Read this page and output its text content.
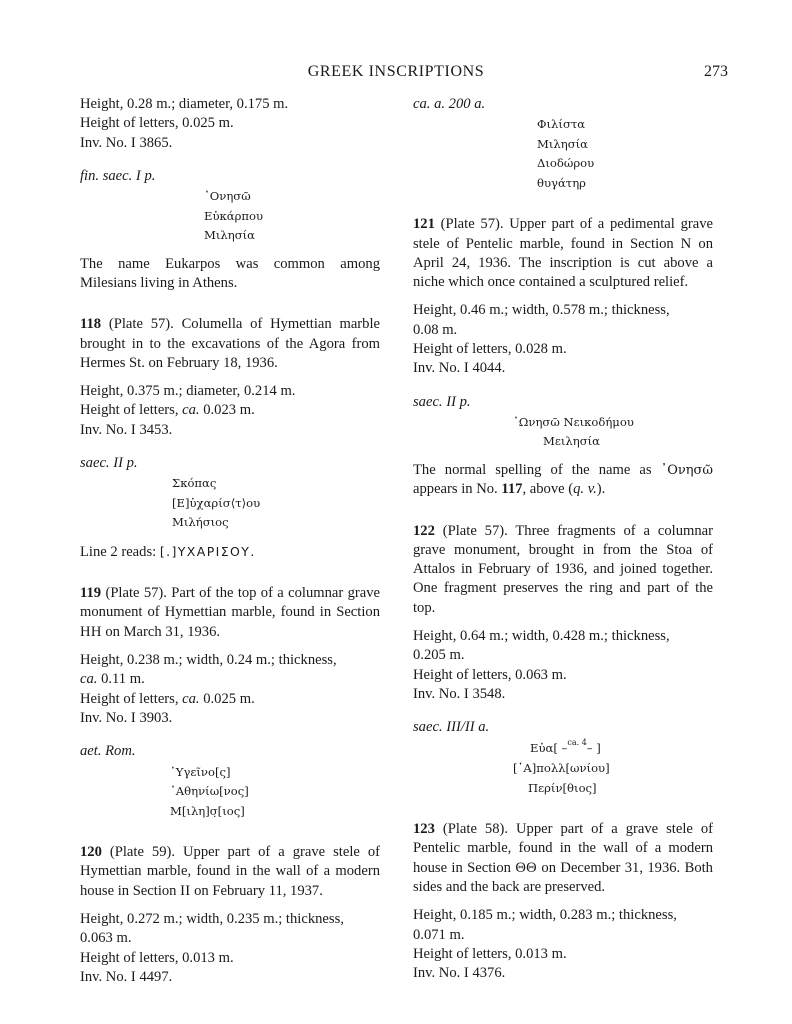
GREEK INSCRIPTIONS	273
Height, 0.28 m.; diameter, 0.175 m.
Height of letters, 0.025 m.
Inv. No. I 3865.
fin. saec. I p.
᾿Ονησῶ
Εὐκάρπου
Μιλησία
The name Eukarpos was common among Milesians living in Athens.
118 (Plate 57). Columella of Hymettian marble brought in to the excavations of the Agora from Hermes St. on February 18, 1936.
Height, 0.375 m.; diameter, 0.214 m.
Height of letters, ca. 0.023 m.
Inv. No. I 3453.
saec. II p.
Σκόπας
[Ε]ὐχαρίσ⟨τ⟩ου
Μιλήσιος
Line 2 reads: [.]ΥΧΑΡΙΣΟΥ.
119 (Plate 57). Part of the top of a columnar grave monument of Hymettian marble, found in Section ΗΗ on March 31, 1936.
Height, 0.238 m.; width, 0.24 m.; thickness,
ca. 0.11 m.
Height of letters, ca. 0.025 m.
Inv. No. I 3903.
aet. Rom.
῾Υγεῖνο[ς]
᾿Αθηνίω[νος]
Μ[ιλη]σ̣[ιος]
120 (Plate 59). Upper part of a grave stele of Hymettian marble, found in the wall of a modern house in Section ΙΙ on February 11, 1937.
Height, 0.272 m.; width, 0.235 m.; thickness,
0.063 m.
Height of letters, 0.013 m.
Inv. No. I 4497.
ca. a. 200 a.
Φιλίστα
Μιλησία
Διοδώρου
θυγάτηρ
121 (Plate 57). Upper part of a pedimental grave stele of Pentelic marble, found in Section Ν on April 24, 1936. The inscription is cut above a niche which once contained a sculptured relief.
Height, 0.46 m.; width, 0.578 m.; thickness,
0.08 m.
Height of letters, 0.028 m.
Inv. No. I 4044.
saec. II p.
᾿Ωνησῶ Νεικοδήμου
Μειλησία
The normal spelling of the name as ᾿Ονησῶ appears in No. 117, above (q. v.).
122 (Plate 57). Three fragments of a columnar grave monument, brought in from the Stoa of Attalos in February of 1936, and joined together. One fragment preserves the ring and part of the top.
Height, 0.64 m.; width, 0.428 m.; thickness,
0.205 m.
Height of letters, 0.063 m.
Inv. No. I 3548.
saec. III/II a.
Εὐα[ –$^{ca. 4}$– ]
[᾿Α]πολλ[ωνίου]
Περίν[θιος]
123 (Plate 58). Upper part of a grave stele of Pentelic marble, found in the wall of a modern house in Section ΘΘ on December 31, 1936. Both sides and the back are preserved.
Height, 0.185 m.; width, 0.283 m.; thickness,
0.071 m.
Height of letters, 0.013 m.
Inv. No. I 4376.
